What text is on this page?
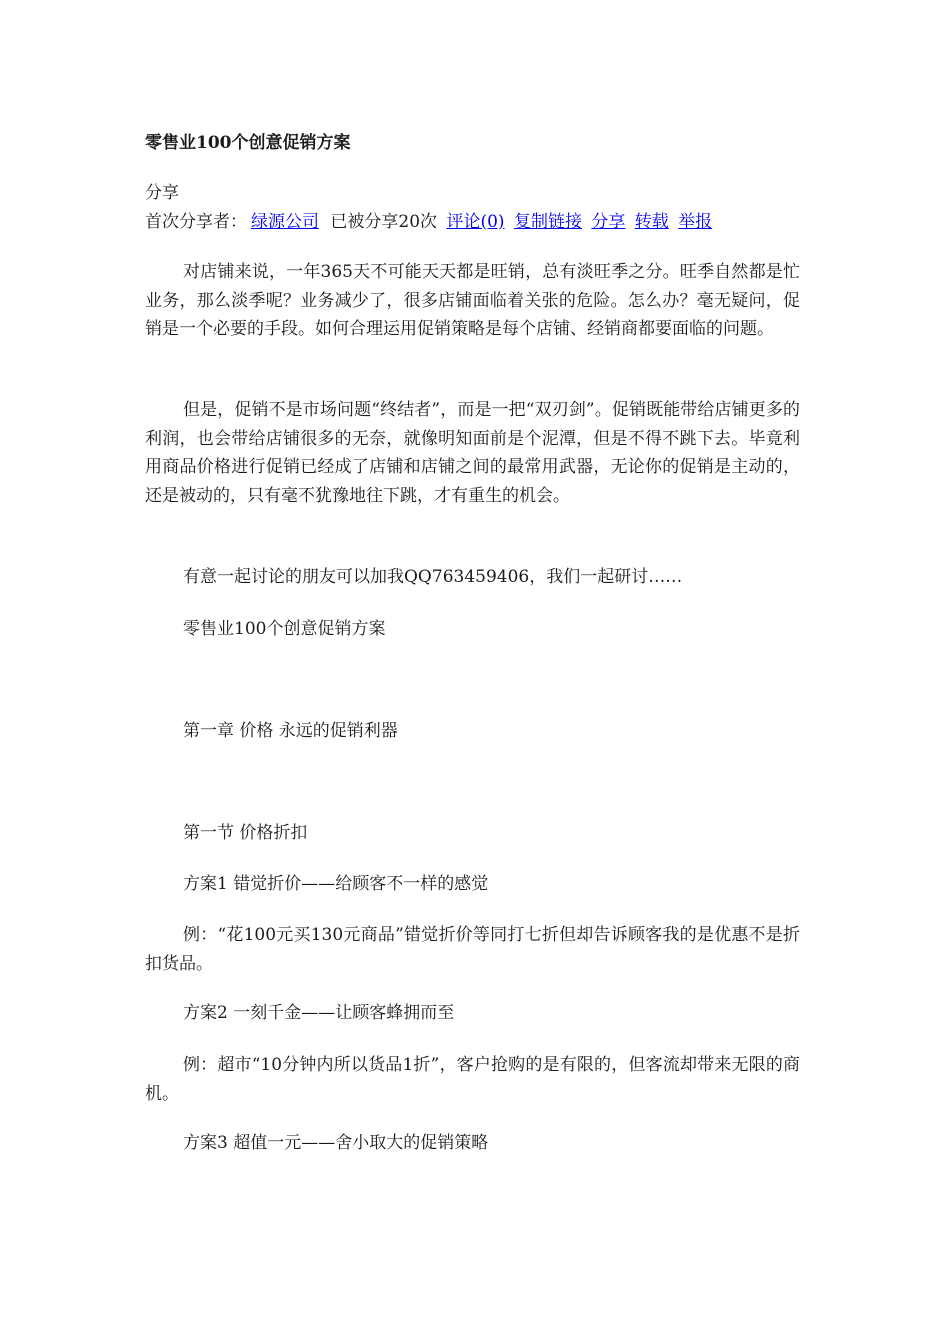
零售业100个创意促销方案
分享
首次分享者： 绿源公司 已被分享20次 评论(0) 复制链接 分享 转载 举报

对店铺来说，一年365天不可能天天都是旺销，总有淡旺季之分。旺季自然都是忙业务，那么淡季呢？业务减少了，很多店铺面临着关张的危险。怎么办？毫无疑问，促销是一个必要的手段。如何合理运用促销策略是每个店铺、经销商都要面临的问题。

但是，促销不是市场问题“终结者”，而是一把“双刃剑”。促销既能带给店铺更多的利润，也会带给店铺很多的无奈，就像明知面前是个泥潭，但是不得不跳下去。毕竟利用商品价格进行促销已经成了店铺和店铺之间的最常用武器，无论你的促销是主动的，还是被动的，只有毫不犹豫地往下跳，才有重生的机会。

有意一起讨论的朋友可以加我QQ763459406，我们一起研讨……

零售业100个创意促销方案

第一章 价格 永远的促销利器

第一节 价格折扣

方案1 错觉折价——给顾客不一样的感觉

例：“花100元买130元商品”错觉折价等同打七折但却告诉顾客我的是优惠不是折扣货品。

方案2 一刻千金——让顾客蜂拥而至

例：超市“10分钟内所以货品1折”，客户抢购的是有限的，但客流却带来无限的商机。

方案3 超值一元——舍小取大的促销策略
